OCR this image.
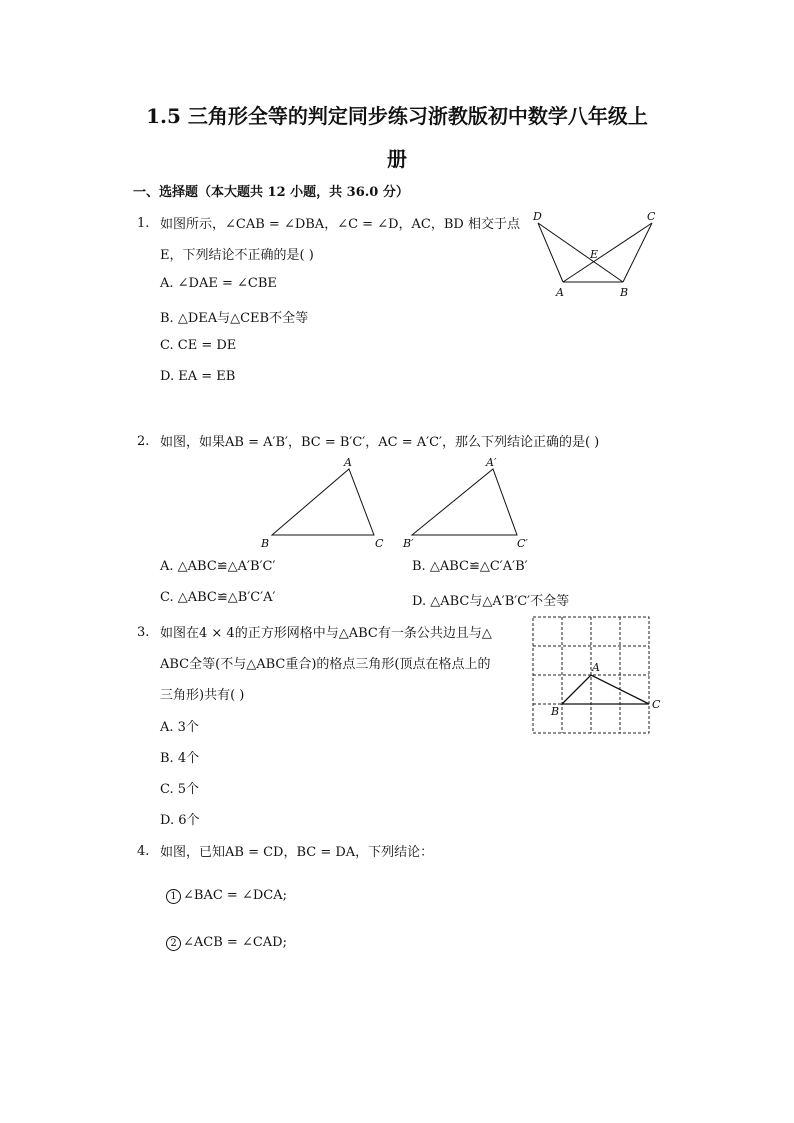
1.5 三角形全等的判定同步练习浙教版初中数学八年级上
册
一、选择题（本大题共 12 小题，共 36.0 分）
1. 如图所示，∠CAB = ∠DBA，∠C = ∠D，AC，BD 相交于点
E，下列结论不正确的是( )
A. ∠DAE = ∠CBE
B. △DEA与△CEB不全等
C. CE = DE
D. EA = EB
D	C
E
A	B
2. 如图，如果AB = A′B′，BC = B′C′，AC = A′C′，那么下列结论正确的是( )
A
B	C
A′
B′	C′
A. △ABC≌△A′B′C′	B. △ABC≌△C′A′B′
C. △ABC≌△B′C′A′	D. △ABC与△A′B′C′不全等
3. 如图在4 × 4的正方形网格中与△ABC有一条公共边且与△
ABC全等(不与△ABC重合)的格点三角形(顶点在格点上的
三角形)共有( )
A. 3个
B. 4个
C. 5个
D. 6个
A
B
C
4. 如图，已知AB = CD，BC = DA，下列结论：
1 ∠BAC = ∠DCA;
2 ∠ACB = ∠CAD;
